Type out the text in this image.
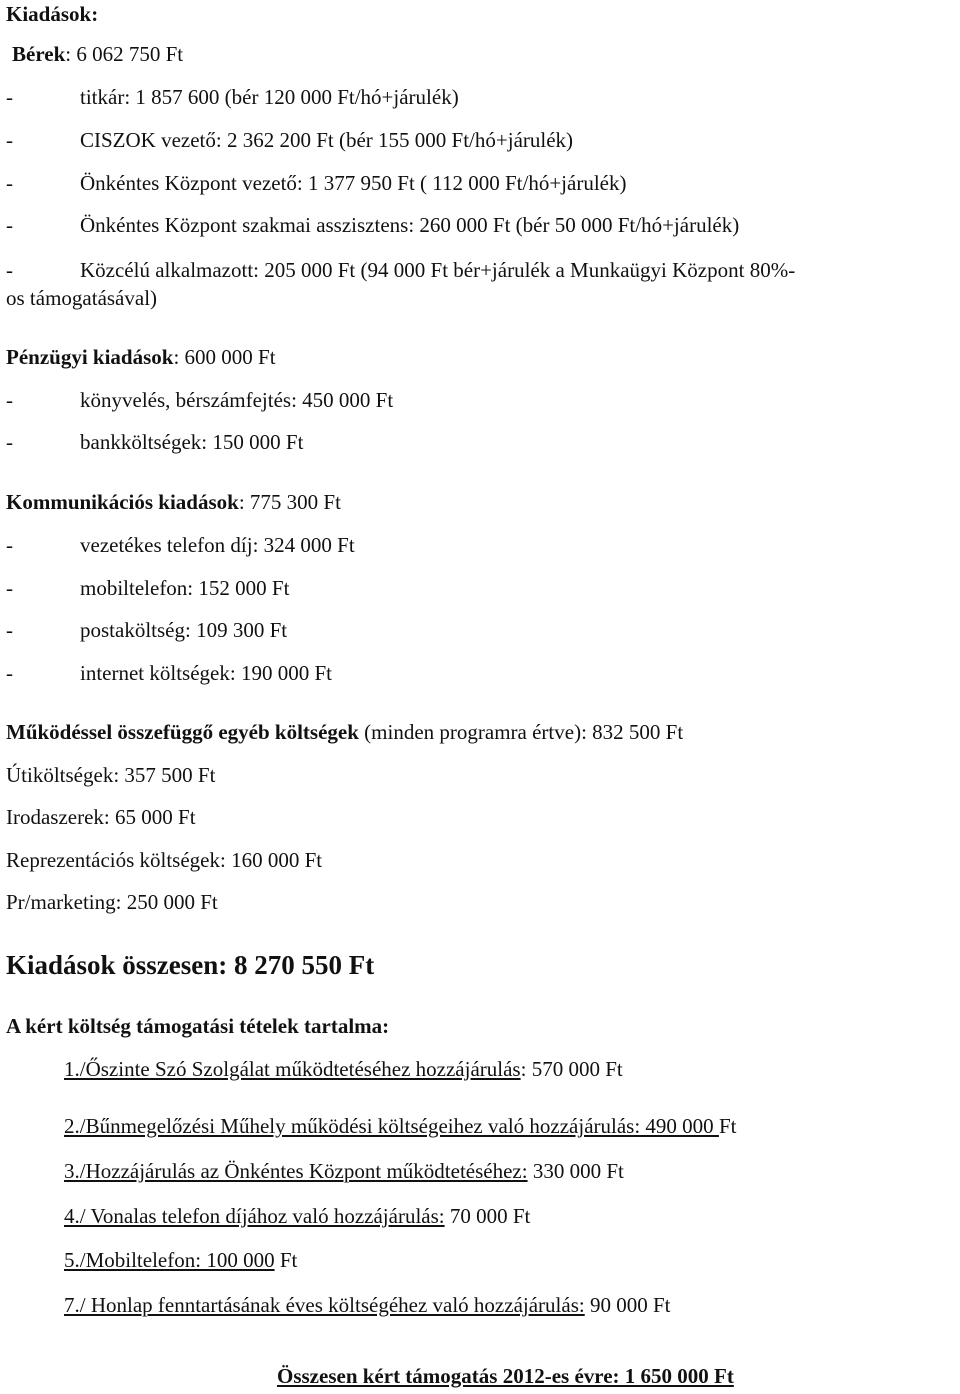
Kiadások:
Bérek: 6 062 750 Ft
-	titkár: 1 857 600 (bér 120 000 Ft/hó+járulék)
-	CISZOK vezető: 2 362 200 Ft (bér 155 000 Ft/hó+járulék)
-	Önkéntes Központ vezető: 1 377 950 Ft ( 112 000 Ft/hó+járulék)
-	Önkéntes Központ szakmai asszisztens: 260 000 Ft (bér 50 000 Ft/hó+járulék)
-	Közcélú alkalmazott: 205 000 Ft (94 000 Ft bér+járulék a Munkaügyi Központ 80%-
os támogatásával)
Pénzügyi kiadások: 600 000 Ft
-	könyvelés, bérszámfejtés: 450 000 Ft
-	bankköltségek: 150 000 Ft
Kommunikációs kiadások: 775 300 Ft
-	vezetékes telefon díj: 324 000 Ft
-	mobiltelefon: 152 000 Ft
-	postaköltség: 109 300 Ft
-	internet költségek: 190 000 Ft
Működéssel összefüggő egyéb költségek (minden programra értve): 832 500 Ft
Útiköltségek: 357 500 Ft
Irodaszerek: 65 000 Ft
Reprezentációs költségek: 160 000 Ft
Pr/marketing: 250 000 Ft
Kiadások összesen: 8 270 550 Ft
A kért költség támogatási tételek tartalma:
1./Őszinte Szó Szolgálat működtetéséhez hozzájárulás: 570 000 Ft
2./Bűnmegelőzési Műhely működési költségeihez való hozzájárulás: 490 000 Ft
3./Hozzájárulás az Önkéntes Központ működtetéséhez: 330 000 Ft
4./ Vonalas telefon díjához való hozzájárulás: 70 000 Ft
5./Mobiltelefon: 100 000 Ft
7./ Honlap fenntartásának éves költségéhez való hozzájárulás: 90 000 Ft
Összesen kért támogatás 2012-es évre: 1 650 000 Ft
